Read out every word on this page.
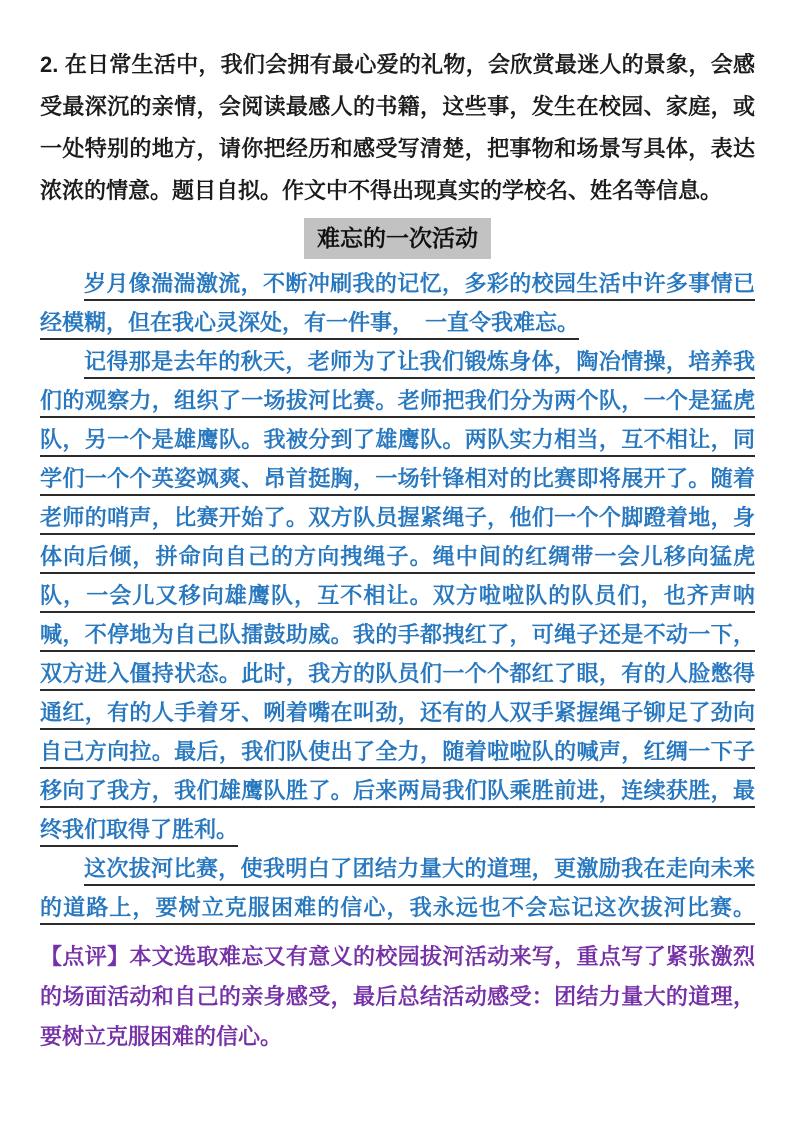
2. 在日常生活中，我们会拥有最心爱的礼物，会欣赏最迷人的景象，会感
受最深沉的亲情，会阅读最感人的书籍，这些事，发生在校园、家庭，或
一处特别的地方，请你把经历和感受写清楚，把事物和场景写具体，表达
浓浓的情意。题目自拟。作文中不得出现真实的学校名、姓名等信息。
难忘的一次活动
岁月像湍湍激流，不断冲刷我的记忆，多彩的校园生活中许多事情已
经模糊，但在我心灵深处，有一件事，　一直令我难忘。
记得那是去年的秋天，老师为了让我们锻炼身体，陶冶情操，培养我
们的观察力，组织了一场拔河比赛。老师把我们分为两个队，一个是猛虎
队，另一个是雄鹰队。我被分到了雄鹰队。两队实力相当，互不相让，同
学们一个个英姿飒爽、昂首挺胸，一场针锋相对的比赛即将展开了。随着
老师的哨声，比赛开始了。双方队员握紧绳子，他们一个个脚蹬着地，身
体向后倾，拼命向自己的方向拽绳子。绳中间的红绸带一会儿移向猛虎
队，一会儿又移向雄鹰队，互不相让。双方啦啦队的队员们，也齐声呐
喊，不停地为自己队擂鼓助威。我的手都拽红了，可绳子还是不动一下，
双方进入僵持状态。此时，我方的队员们一个个都红了眼，有的人脸憋得
通红，有的人手着牙、咧着嘴在叫劲，还有的人双手紧握绳子铆足了劲向
自己方向拉。最后，我们队使出了全力，随着啦啦队的喊声，红绸一下子
移向了我方，我们雄鹰队胜了。后来两局我们队乘胜前进，连续获胜，最
终我们取得了胜利。
这次拔河比赛，使我明白了团结力量大的道理，更激励我在走向未来
的道路上，要树立克服困难的信心，我永远也不会忘记这次拔河比赛。
【点评】本文选取难忘又有意义的校园拔河活动来写，重点写了紧张激烈
的场面活动和自己的亲身感受，最后总结活动感受：团结力量大的道理，
要树立克服困难的信心。
